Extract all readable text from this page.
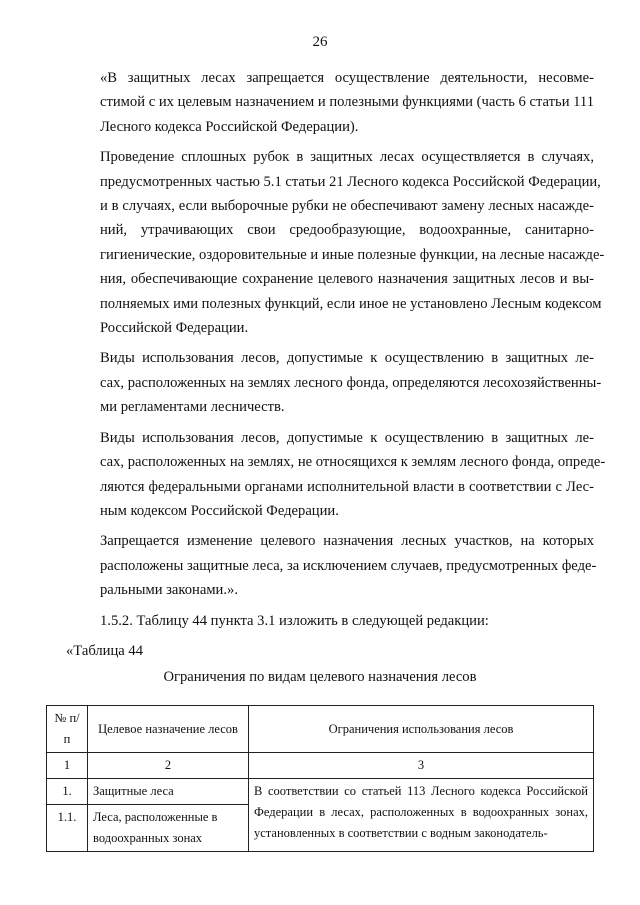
26

«В защитных лесах запрещается осуществление деятельности, несовме-
стимой с их целевым назначением и полезными функциями (часть 6 статьи 111
Лесного кодекса Российской Федерации).

Проведение сплошных рубок в защитных лесах осуществляется в случаях,
предусмотренных частью 5.1 статьи 21 Лесного кодекса Российской Федерации,
и в случаях, если выборочные рубки не обеспечивают замену лесных насажде-
ний, утрачивающих свои средообразующие, водоохранные, санитарно-
гигиенические, оздоровительные и иные полезные функции, на лесные насажде-
ния, обеспечивающие сохранение целевого назначения защитных лесов и вы-
полняемых ими полезных функций, если иное не установлено Лесным кодексом
Российской Федерации.

Виды использования лесов, допустимые к осуществлению в защитных ле-
сах, расположенных на землях лесного фонда, определяются лесохозяйственны-
ми регламентами лесничеств.

Виды использования лесов, допустимые к осуществлению в защитных ле-
сах, расположенных на землях, не относящихся к землям лесного фонда, опреде-
ляются федеральными органами исполнительной власти в соответствии с Лес-
ным кодексом Российской Федерации.

Запрещается изменение целевого назначения лесных участков, на которых
расположены защитные леса, за исключением случаев, предусмотренных феде-
ральными законами.».

1.5.2. Таблицу 44 пункта 3.1 изложить в следующей редакции:

«Таблица 44

Ограничения по видам целевого назначения лесов
№ п/п	Целевое назначение лесов	Ограничения использования лесов
1	2	3
1.	Защитные леса	В соответствии со статьей 113 Лесного кодекса Российской Федерации в лесах, расположенных в водоохранных зонах, установленных в соответствии с водным законодатель-
1.1.	Леса, расположенные в водоохранных зонах	
